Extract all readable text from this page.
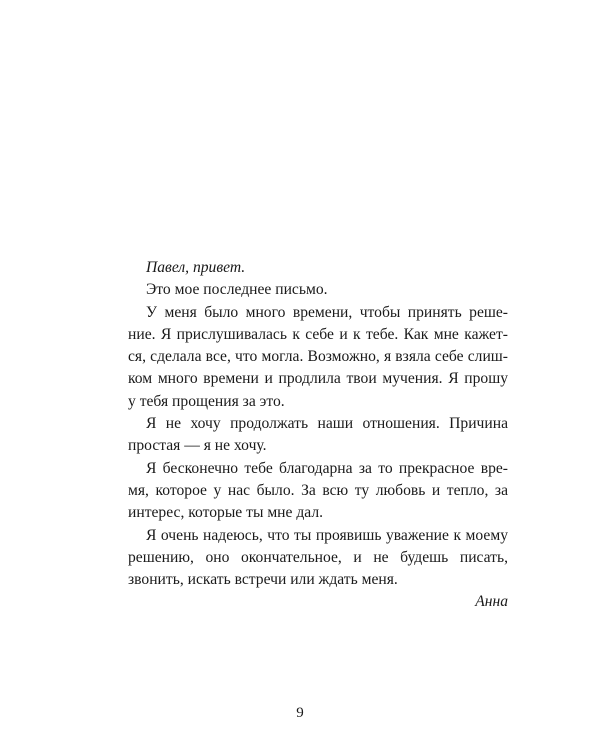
Павел, привет.
Это мое последнее письмо.
У меня было много времени, чтобы принять реше-
ние. Я прислушивалась к себе и к тебе. Как мне кажет-
ся, сделала все, что могла. Возможно, я взяла себе слиш-
ком много времени и продлила твои мучения. Я прошу
у тебя прощения за это.
Я не хочу продолжать наши отношения. Причина
простая — я не хочу.
Я бесконечно тебе благодарна за то прекрасное вре-
мя, которое у нас было. За всю ту любовь и тепло, за
интерес, которые ты мне дал.
Я очень надеюсь, что ты проявишь уважение к моему
решению, оно окончательное, и не будешь писать,
звонить, искать встречи или ждать меня.
Анна
9
